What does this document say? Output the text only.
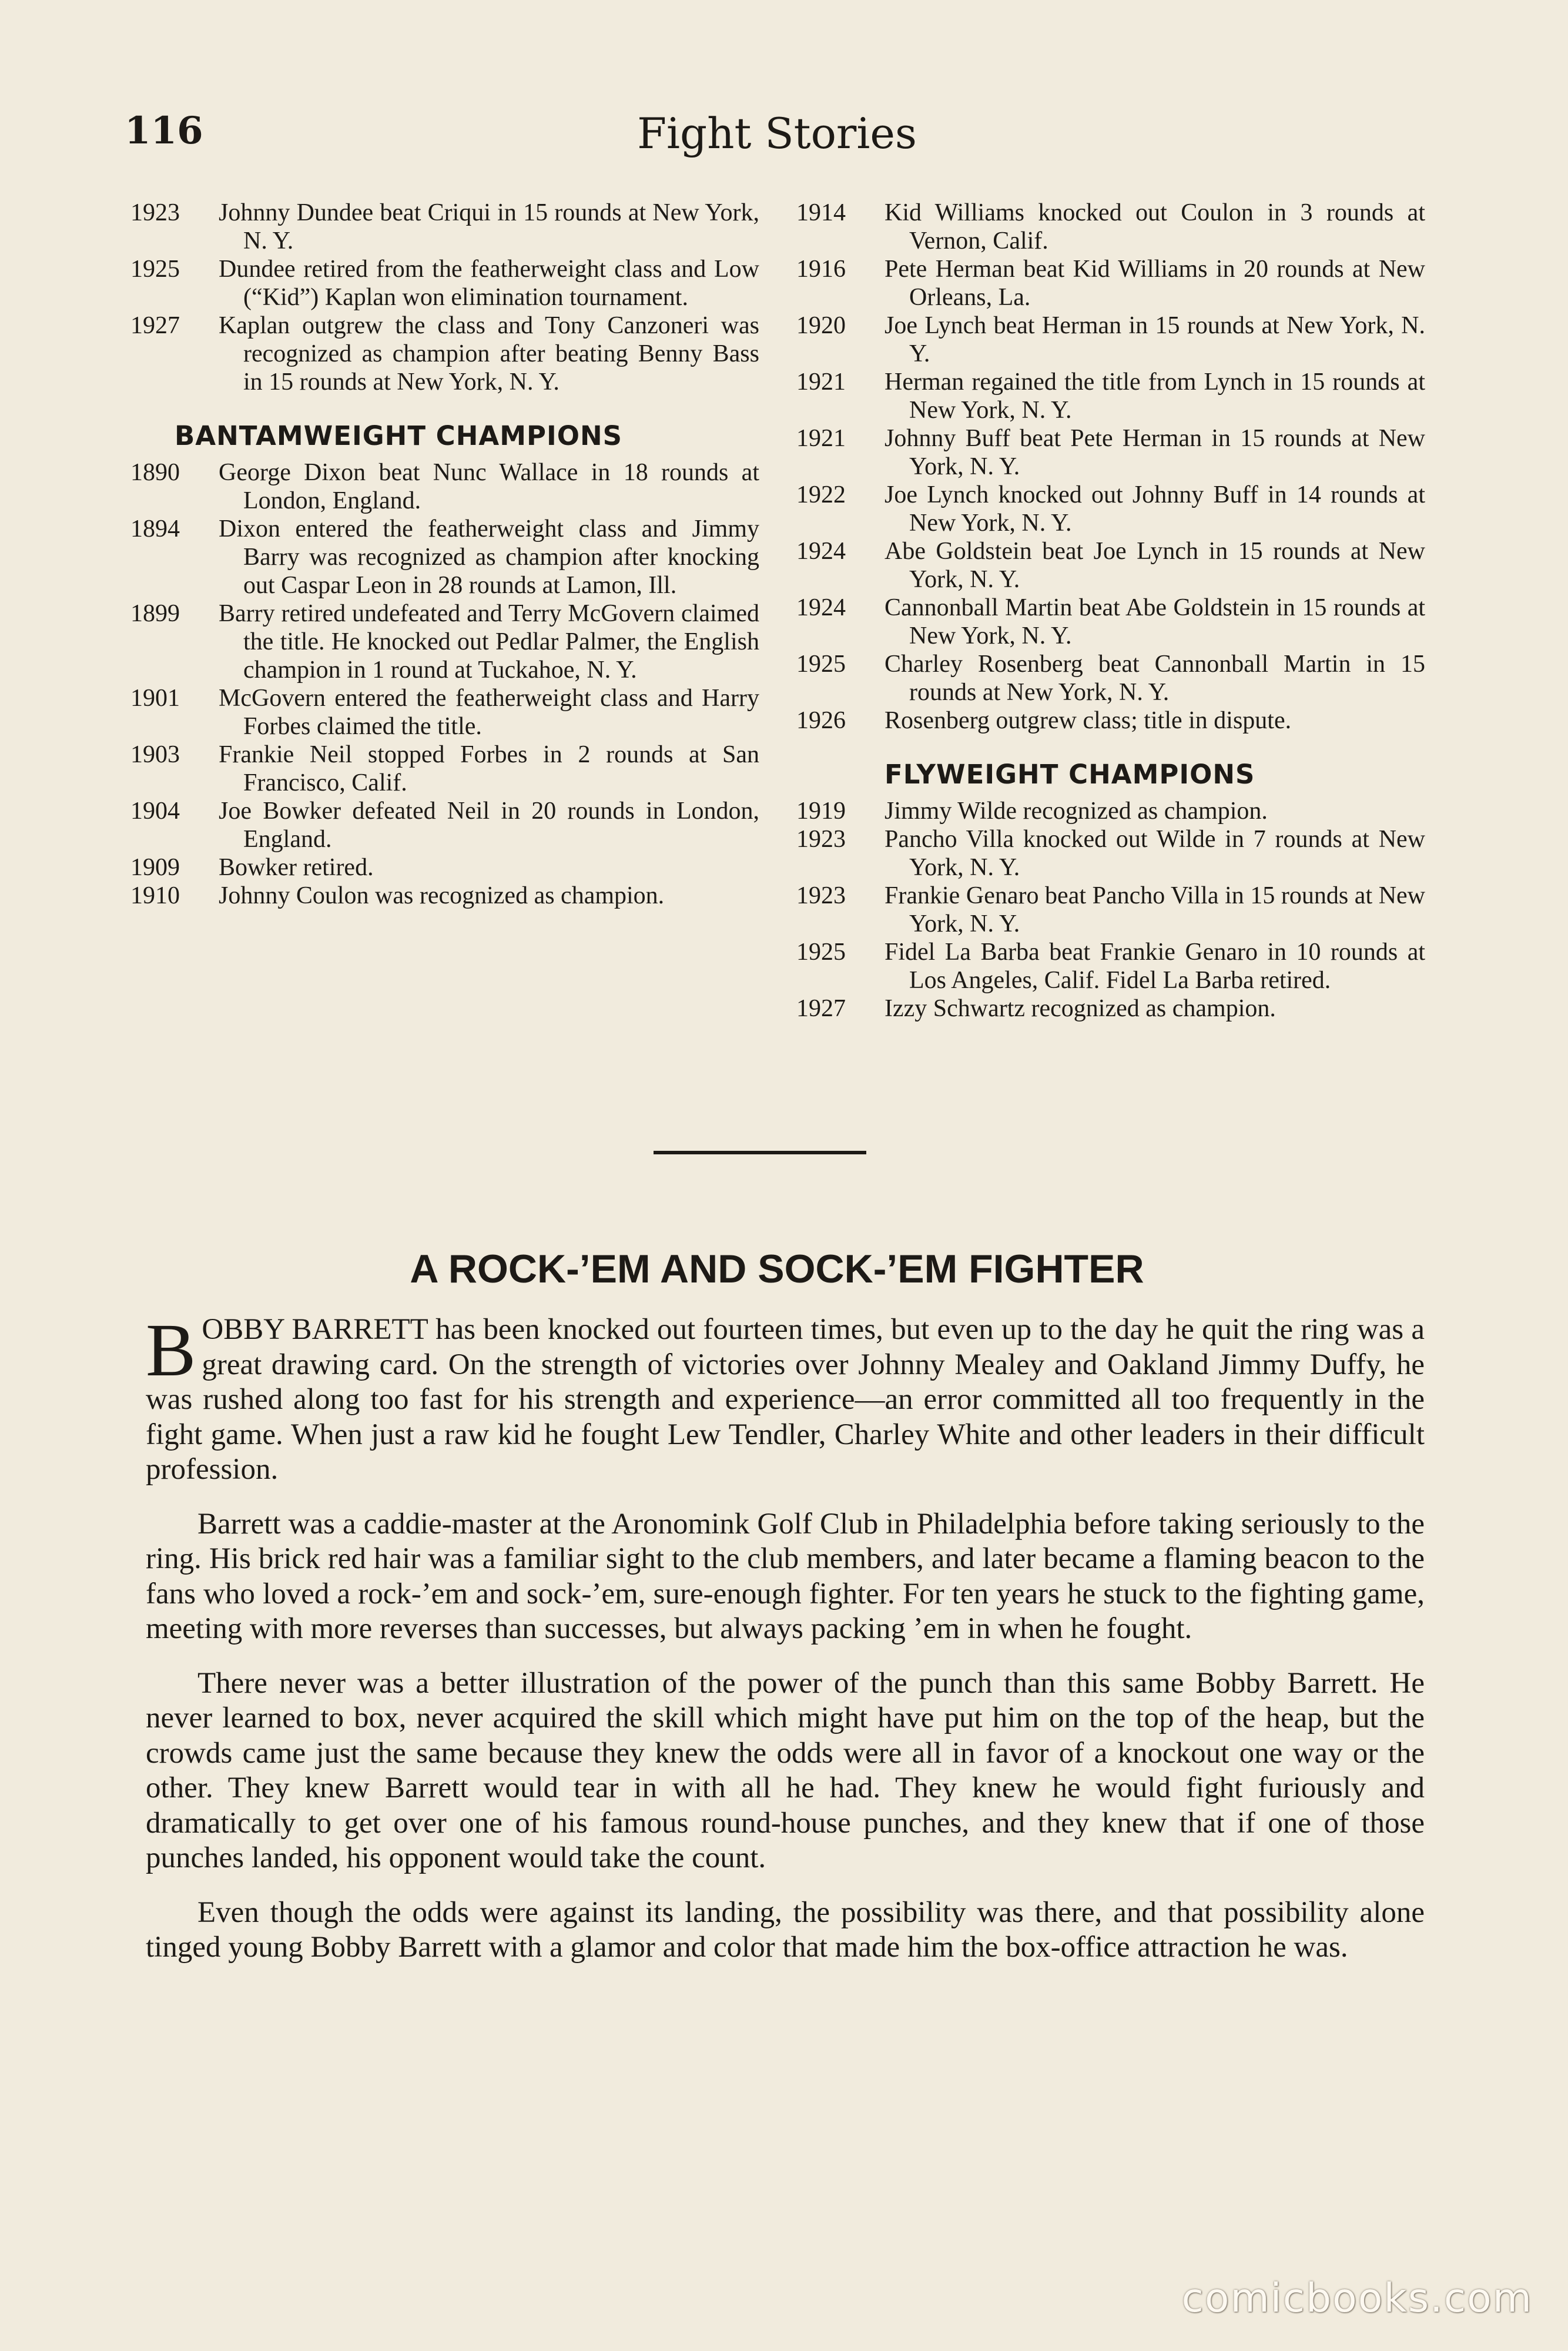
116	Fight Stories
1923	Johnny Dundee beat Criqui in 15 rounds at New York, N. Y.
1925	Dundee retired from the featherweight class and Low (“Kid”) Kaplan won elimination tournament.
1927	Kaplan outgrew the class and Tony Canzoneri was recognized as champion after beating Benny Bass in 15 rounds at New York, N. Y.
BANTAMWEIGHT CHAMPIONS
1890	George Dixon beat Nunc Wallace in 18 rounds at London, England.
1894	Dixon entered the featherweight class and Jimmy Barry was recognized as champion after knocking out Caspar Leon in 28 rounds at Lamon, Ill.
1899	Barry retired undefeated and Terry McGovern claimed the title. He knocked out Pedlar Palmer, the English champion in 1 round at Tuckahoe, N. Y.
1901	McGovern entered the featherweight class and Harry Forbes claimed the title.
1903	Frankie Neil stopped Forbes in 2 rounds at San Francisco, Calif.
1904	Joe Bowker defeated Neil in 20 rounds in London, England.
1909	Bowker retired.
1910	Johnny Coulon was recognized as champion.
1914	Kid Williams knocked out Coulon in 3 rounds at Vernon, Calif.
1916	Pete Herman beat Kid Williams in 20 rounds at New Orleans, La.
1920	Joe Lynch beat Herman in 15 rounds at New York, N. Y.
1921	Herman regained the title from Lynch in 15 rounds at New York, N. Y.
1921	Johnny Buff beat Pete Herman in 15 rounds at New York, N. Y.
1922	Joe Lynch knocked out Johnny Buff in 14 rounds at New York, N. Y.
1924	Abe Goldstein beat Joe Lynch in 15 rounds at New York, N. Y.
1924	Cannonball Martin beat Abe Goldstein in 15 rounds at New York, N. Y.
1925	Charley Rosenberg beat Cannonball Martin in 15 rounds at New York, N. Y.
1926	Rosenberg outgrew class; title in dispute.
FLYWEIGHT CHAMPIONS
1919	Jimmy Wilde recognized as champion.
1923	Pancho Villa knocked out Wilde in 7 rounds at New York, N. Y.
1923	Frankie Genaro beat Pancho Villa in 15 rounds at New York, N. Y.
1925	Fidel La Barba beat Frankie Genaro in 10 rounds at Los Angeles, Calif. Fidel La Barba retired.
1927	Izzy Schwartz recognized as champion.
A ROCK-’EM AND SOCK-’EM FIGHTER

BOBBY BARRETT has been knocked out fourteen times, but even up to the day he quit the ring was a great drawing card. On the strength of victories over Johnny Mealey and Oakland Jimmy Duffy, he was rushed along too fast for his strength and experience—an error committed all too frequently in the fight game. When just a raw kid he fought Lew Tendler, Charley White and other leaders in their difficult profession.

Barrett was a caddie-master at the Aronomink Golf Club in Philadelphia before taking seriously to the ring. His brick red hair was a familiar sight to the club members, and later became a flaming beacon to the fans who loved a rock-’em and sock-’em, sure-enough fighter. For ten years he stuck to the fighting game, meeting with more reverses than successes, but always packing ’em in when he fought.

There never was a better illustration of the power of the punch than this same Bobby Barrett. He never learned to box, never acquired the skill which might have put him on the top of the heap, but the crowds came just the same because they knew the odds were all in favor of a knockout one way or the other. They knew Barrett would tear in with all he had. They knew he would fight furiously and dramatically to get over one of his famous round-house punches, and they knew that if one of those punches landed, his opponent would take the count.

Even though the odds were against its landing, the possibility was there, and that possibility alone tinged young Bobby Barrett with a glamor and color that made him the box-office attraction he was.

comicbooks.com
